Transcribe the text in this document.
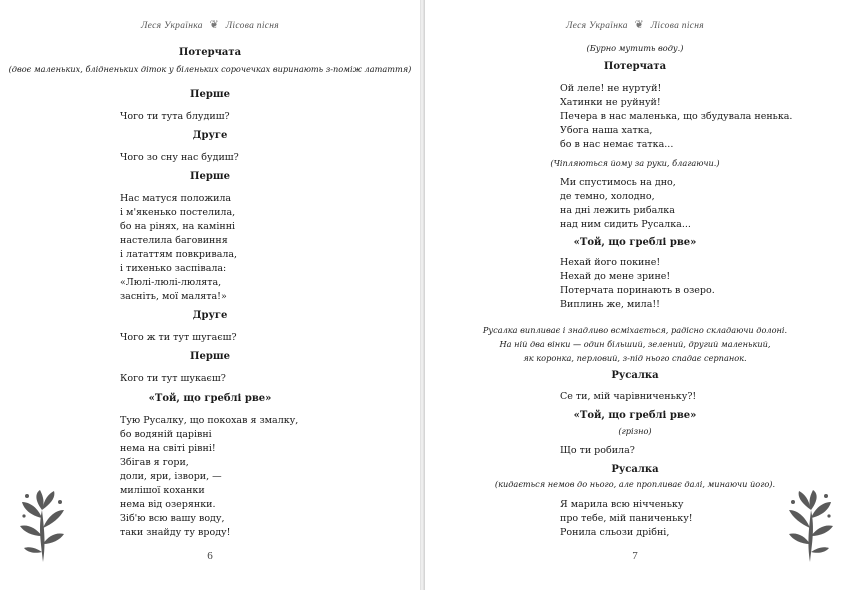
Леся Українка ❦ Лісова пісня
Потерчата
(двоє маленьких, блідненьких діток у біленьких сорочечках виринають з-поміж латаття)
Перше
Чого ти тута блудиш?
Друге
Чого зо сну нас будиш?
Перше
Нас матуся положила
і м'якенько постелила,
бо на рінях, на камінні
настелила баговиння
і лататтям повкривала,
і тихенько заспівала:
«Люлі-люлі-люлята,
засніть, мої малята!»
Друге
Чого ж ти тут шугаєш?
Перше
Кого ти тут шукаєш?
«Той, що греблі рве»
Тую Русалку, що покохав я змалку,
бо водяній царівні
нема на світі рівні!
Збігав я гори,
доли, яри, ізвори, —
милішої коханки
нема від озерянки.
Зіб'ю всю вашу воду,
таки знайду ту вроду!
6
Леся Українка ❦ Лісова пісня
(Бурно мутить воду.)
Потерчата
Ой леле! не нуртуй!
Хатинки не руйнуй!
Печера в нас маленька, що збудувала ненька.
Убога наша хатка,
бо в нас немає татка...
(Чіпляються йому за руки, благаючи.)
Ми спустимось на дно,
де темно, холодно,
на дні лежить рибалка
над ним сидить Русалка...
«Той, що греблі рве»
Нехай його покине!
Нехай до мене зрине!
Потерчата поринають в озеро.
Виплинь же, мила!!
Русалка випливає і знадливо всміхається, радісно складаючи долоні.
На ній два вінки — один більший, зелений, другий маленький,
як коронка, перловий, з-під нього спадає серпанок.
Русалка
Се ти, мій чарівниченьку?!
«Той, що греблі рве»
(грізно)
Що ти робила?
Русалка
(кидається немов до нього, але пропливає далі, минаючи його).
Я марила всю нічченьку
про тебе, мій паниченьку!
Ронила сльози дрібні,
7
